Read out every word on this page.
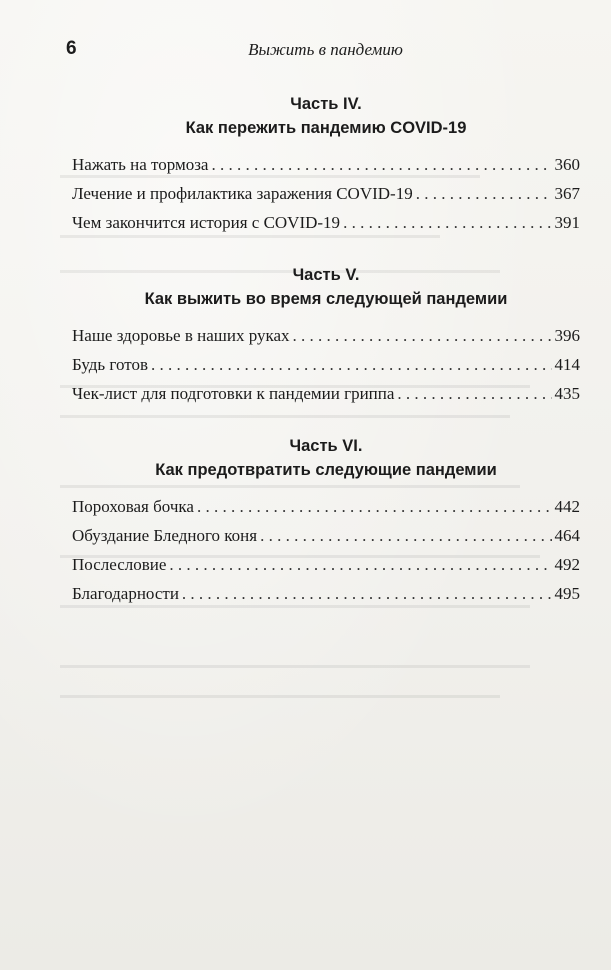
6	Выжить в пандемию
Часть IV.
Как пережить пандемию COVID-19
Нажать на тормоза . . .	360
Лечение и профилактика заражения COVID-19 . . .	367
Чем закончится история с COVID-19 . . .	391
Часть V.
Как выжить во время следующей пандемии
Наше здоровье в наших руках . . .	396
Будь готов . . .	414
Чек-лист для подготовки к пандемии гриппа . . .	435
Часть VI.
Как предотвратить следующие пандемии
Пороховая бочка . . .	442
Обуздание Бледного коня . . .	464
Послесловие . . .	492
Благодарности . . .	495
